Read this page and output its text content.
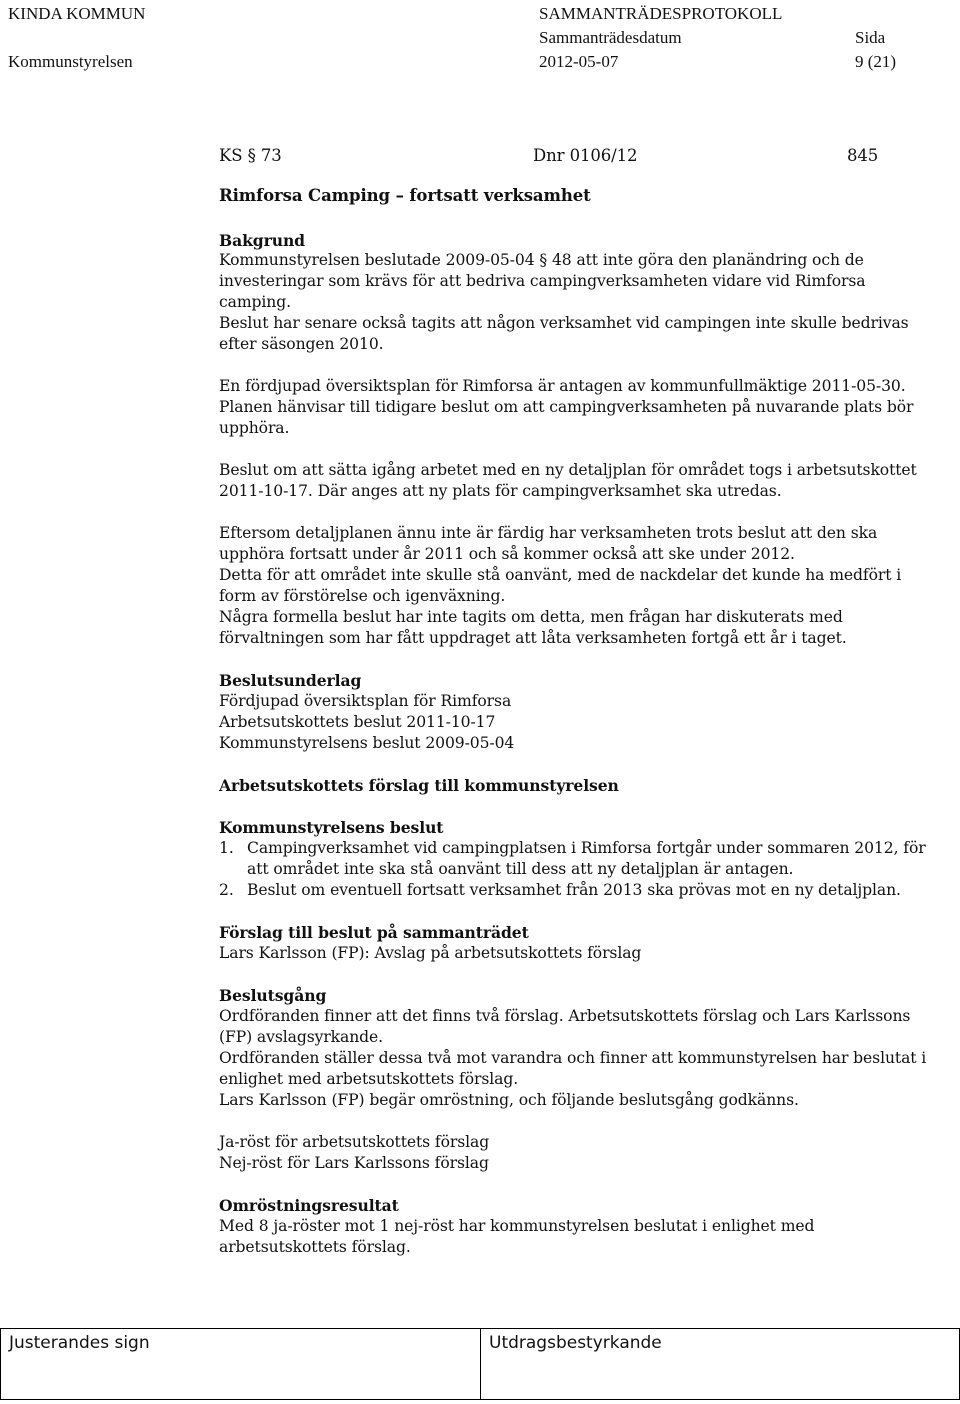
KINDA KOMMUN	SAMMANTRÄDESPROTOKOLL
Kommunstyrelsen
Sammanträdesdatum
2012-05-07
Sida
9 (21)
KS § 73	Dnr 0106/12	845
Rimforsa Camping – fortsatt verksamhet
Bakgrund
Kommunstyrelsen beslutade 2009-05-04 § 48 att inte göra den planändring och de
investeringar som krävs för att bedriva campingverksamheten vidare vid Rimforsa
camping.
Beslut har senare också tagits att någon verksamhet vid campingen inte skulle bedrivas
efter säsongen 2010.
En fördjupad översiktsplan för Rimforsa är antagen av kommunfullmäktige 2011-05-30.
Planen hänvisar till tidigare beslut om att campingverksamheten på nuvarande plats bör
upphöra.
Beslut om att sätta igång arbetet med en ny detaljplan för området togs i arbetsutskottet
2011-10-17. Där anges att ny plats för campingverksamhet ska utredas.
Eftersom detaljplanen ännu inte är färdig har verksamheten trots beslut att den ska
upphöra fortsatt under år 2011 och så kommer också att ske under 2012.
Detta för att området inte skulle stå oanvänt, med de nackdelar det kunde ha medfört i
form av förstörelse och igenväxning.
Några formella beslut har inte tagits om detta, men frågan har diskuterats med
förvaltningen som har fått uppdraget att låta verksamheten fortgå ett år i taget.
Beslutsunderlag
Fördjupad översiktsplan för Rimforsa
Arbetsutskottets beslut 2011-10-17
Kommunstyrelsens beslut 2009-05-04
Arbetsutskottets förslag till kommunstyrelsen
Kommunstyrelsens beslut
1. Campingverksamhet vid campingplatsen i Rimforsa fortgår under sommaren 2012, för
att området inte ska stå oanvänt till dess att ny detaljplan är antagen.
2. Beslut om eventuell fortsatt verksamhet från 2013 ska prövas mot en ny detaljplan.
Förslag till beslut på sammanträdet
Lars Karlsson (FP): Avslag på arbetsutskottets förslag
Beslutsgång
Ordföranden finner att det finns två förslag. Arbetsutskottets förslag och Lars Karlssons
(FP) avslagsyrkande.
Ordföranden ställer dessa två mot varandra och finner att kommunstyrelsen har beslutat i
enlighet med arbetsutskottets förslag.
Lars Karlsson (FP) begär omröstning, och följande beslutsgång godkänns.
Ja-röst för arbetsutskottets förslag
Nej-röst för Lars Karlssons förslag
Omröstningsresultat
Med 8 ja-röster mot 1 nej-röst har kommunstyrelsen beslutat i enlighet med
arbetsutskottets förslag.
Justerandes sign	Utdragsbestyrkande
